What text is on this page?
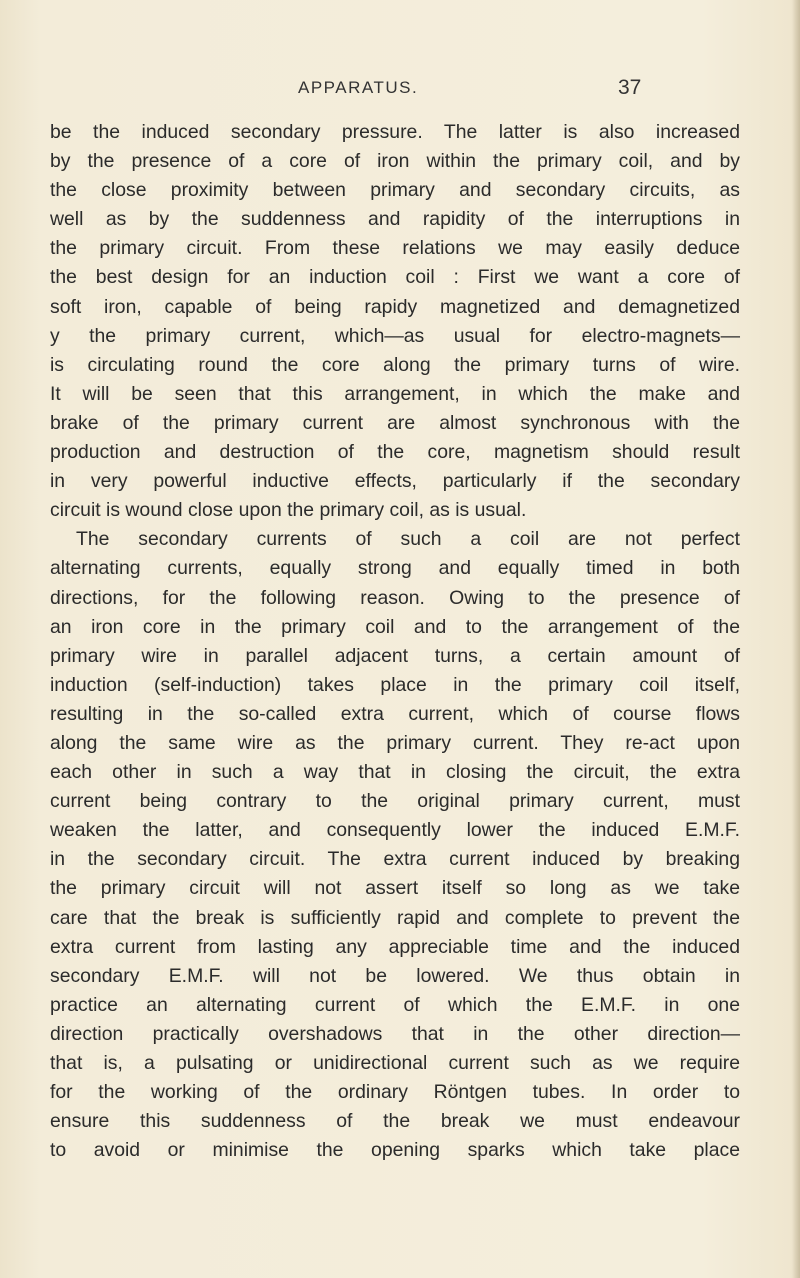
APPARATUS.	37
be the induced secondary pressure. The latter is also increased
by the presence of a core of iron within the primary coil, and by
the close proximity between primary and secondary circuits, as
well as by the suddenness and rapidity of the interruptions in
the primary circuit. From these relations we may easily deduce
the best design for an induction coil : First we want a core of
soft iron, capable of being rapidy magnetized and demagnetized
y the primary current, which—as usual for electro-magnets—
is circulating round the core along the primary turns of wire.
It will be seen that this arrangement, in which the make and
brake of the primary current are almost synchronous with the
production and destruction of the core, magnetism should result
in very powerful inductive effects, particularly if the secondary
circuit is wound close upon the primary coil, as is usual.
The secondary currents of such a coil are not perfect
alternating currents, equally strong and equally timed in both
directions, for the following reason. Owing to the presence of
an iron core in the primary coil and to the arrangement of the
primary wire in parallel adjacent turns, a certain amount of
induction (self-induction) takes place in the primary coil itself,
resulting in the so-called extra current, which of course flows
along the same wire as the primary current. They re-act upon
each other in such a way that in closing the circuit, the extra
current being contrary to the original primary current, must
weaken the latter, and consequently lower the induced E.M.F.
in the secondary circuit. The extra current induced by breaking
the primary circuit will not assert itself so long as we take
care that the break is sufficiently rapid and complete to prevent the
extra current from lasting any appreciable time and the induced
secondary E.M.F. will not be lowered. We thus obtain in
practice an alternating current of which the E.M.F. in one
direction practically overshadows that in the other direction—
that is, a pulsating or unidirectional current such as we require
for the working of the ordinary Röntgen tubes. In order to
ensure this suddenness of the break we must endeavour
to avoid or minimise the opening sparks which take place
